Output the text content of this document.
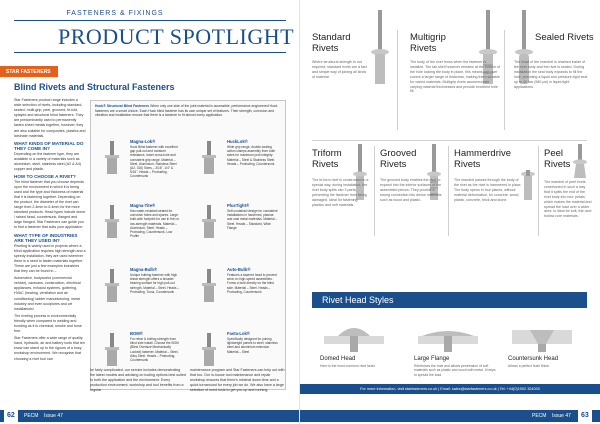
FASTENERS & FIXINGS
PRODUCT SPOTLIGHT
STAR FASTENERS
Blind Rivets and Structural Fasteners

Star Fasteners product range includes a wide selection of rivets, including standard, sealed, multi-grip, peel, grooved, tri-fold, splayed and structural blind fasteners. They are predominantly used to permanently fasten sheet metals together, however, they are also suitable for composites, plastics and laminate materials.

WHAT KINDS OF MATERIAL DO THEY COME IN?

Depending on the fastener type, they are available in a variety of materials such as aluminium, steel, stainless steel (A2 & A4) copper and plastic.

HOW TO CHOOSE A RIVET?

The blind fastener that you choose depends upon the environment in which it is being used and the type and thickness of material that it is fastening together. Depending on the product, the diameter of the rivet can range from 2.4mm to 6.4mm for the more standard products. Head types include dome / raised head, countersunk, flanged and large flanged. Star Fasteners can guide you to find a fastener that suits your application.

WHAT TYPE OF INDUSTRIES ARE THEY USED IN?

Riveting is widely used in projects where a blind application requires high strength and a speedy installation, they are used wherever there is a need to fasten materials together. These are just a few examples industries that they can be found in –

Automotive, bodyworks (commercial vehicle), caravans, construction, electrical appliances, exhaust systems, guttering, HVAC (heating, ventilation and air conditioning) ladder manufacturing, metal industry and even sculptures and art installations!

The riveting process is environmentally friendly when compared to welding and bonding as it is chemical, smoke and fume free.

Star Fasteners offer a wide range of quality hand, hydraulic, air and battery tools that ten know can stand up to the rigours of a busy workshop environment. We recognise that choosing a rivet tool can

Huck® Structural Blind Fasteners When only one side of the joint material is accessible, performance-engineered Huck fasteners are a smart choice. Each Huck blind fastener has its own unique set of features. Their strength, corrosion and vibration and installation ensure that there is a fastener to fit almost every application.
Magna-Lok®
Huck Blind fastener with excellent gap pull-out and moisture resistance, lower cross-hole and consistent grip range. Material – Steel, Aluminium, Stainless Steel (A2, 316) Sizes – 3/16", 1/4" & 5/16". Heads – Protruding, Countersunk
HuckLok®
Wide grip range, double-locking action clamps assembly from both sides for maximum joint integrity. Material – Steel & Stainless Steel. Heads – Protruding, Countersunk
Magna-Tite®
Has water-resistant sealed for corrosive holes and spares. Large bulb-side footprint for use in thin or low-strength materials. Material – Aluminium, Steel. Heads – Protruding, Countersunk, Low Profile
PlusTight®
Self-contained design for consistent installations in hardened, plasma and cast metal materials. Material – Steel. Heads – Standard, Wide Flange
Magna-Bulb®
Unique bulbing fastener with high shear strength offers a broader bearing surface for high pull-out strength. Material – Steel. Heads – Protruding, Truss, Countersunk
Auto-Bulb®
Features a tapered head to prevent wear on high-speed assemblies. Forms a bulb directly on the blind side. Material – Steel. Heads – Protruding, Countersunk
BOM®
For rebar & bolting strength from blind side install. Choose the BOM (Blind Oversize Mechanically Locked) fastener. Material – Steel, Alloy Steel. Heads – Protruding, Countersunk
Fasta-Lok®
Specifically designed for joining lightweight panels to steel, stainless steel and aluminium extrusion. Material – Steel
be fairly complicated, our service includes demonstrating the latest models and advising on tooling options best suited to both the application and the environment. Every production environment, workshop and tool benefits from a regular
maintenance program and Star Fasteners can help out with that too. Our in-house tool maintenance and repair workshop ensures that there's minimal down time and a quick turnaround for every job we do. We also have a large selection of used tools to get you up and running.
62	PECM Issue 47
Standard Rivets
Where structural strength is not required, standard rivets are a fast and simple way of joining all kinds of material.
Multigrip Rivets
The body of the rivet forms when the fastener is installed. The tail-shell however remains at the bottom of the hole locking the body in place, this means one rivet covers a larger range of thickness, making them suitable for varied materials. Multigrip rivets accommodate varying material thicknesses and provide excellent hole fill.
Sealed Rivets
The head of the mandrel is retained inside of the rivet body and the rivet is sealed. During installation the seal body expands to fill the hole, providing a liquid and pressure-tight seal up to 40 bar (580 psi) in liquid-tight applications.
Triform Rivets
The tri-form rivet is constructed in a special way, during installation, the rivet body splits into 3 parts, preventing the fastener from being damaged. Ideal for fastening plastics and soft materials.
Grooved Rivets
The grooved body enables the rivet to expand into the interior surfaces of the assembled pieces. They provide a strong connection into dense materials such as wood and plastic.
Hammerdrive Rivets
The mandrel passes through the body of the rivet as the rivet is hammered in place. The body opens in four places, without material deformation, for concrete, wood, plastic, concrete, brick and stone.
Peel Rivets
The mandrel of peel rivets constructed in such a way that it splits the end of the rivet body into four 'petals' which makes the material and spread the load over a wider area. Is ideal for soft, thin and hollow core materials.
Rivet Head Styles
Domed Head
Here is the most common rivet head.
Large Flange
Reinforces the hole and allows penetration of soft materials such as plastic and wood with metal. It helps to spread the load.
Countersunk Head
Allows a perfect flush finish.
For more information, visit starfasteners.co.uk | Email: sales@starfasteners.co.uk | Tel: +44(0)1902 324000
PECM Issue 47	63
